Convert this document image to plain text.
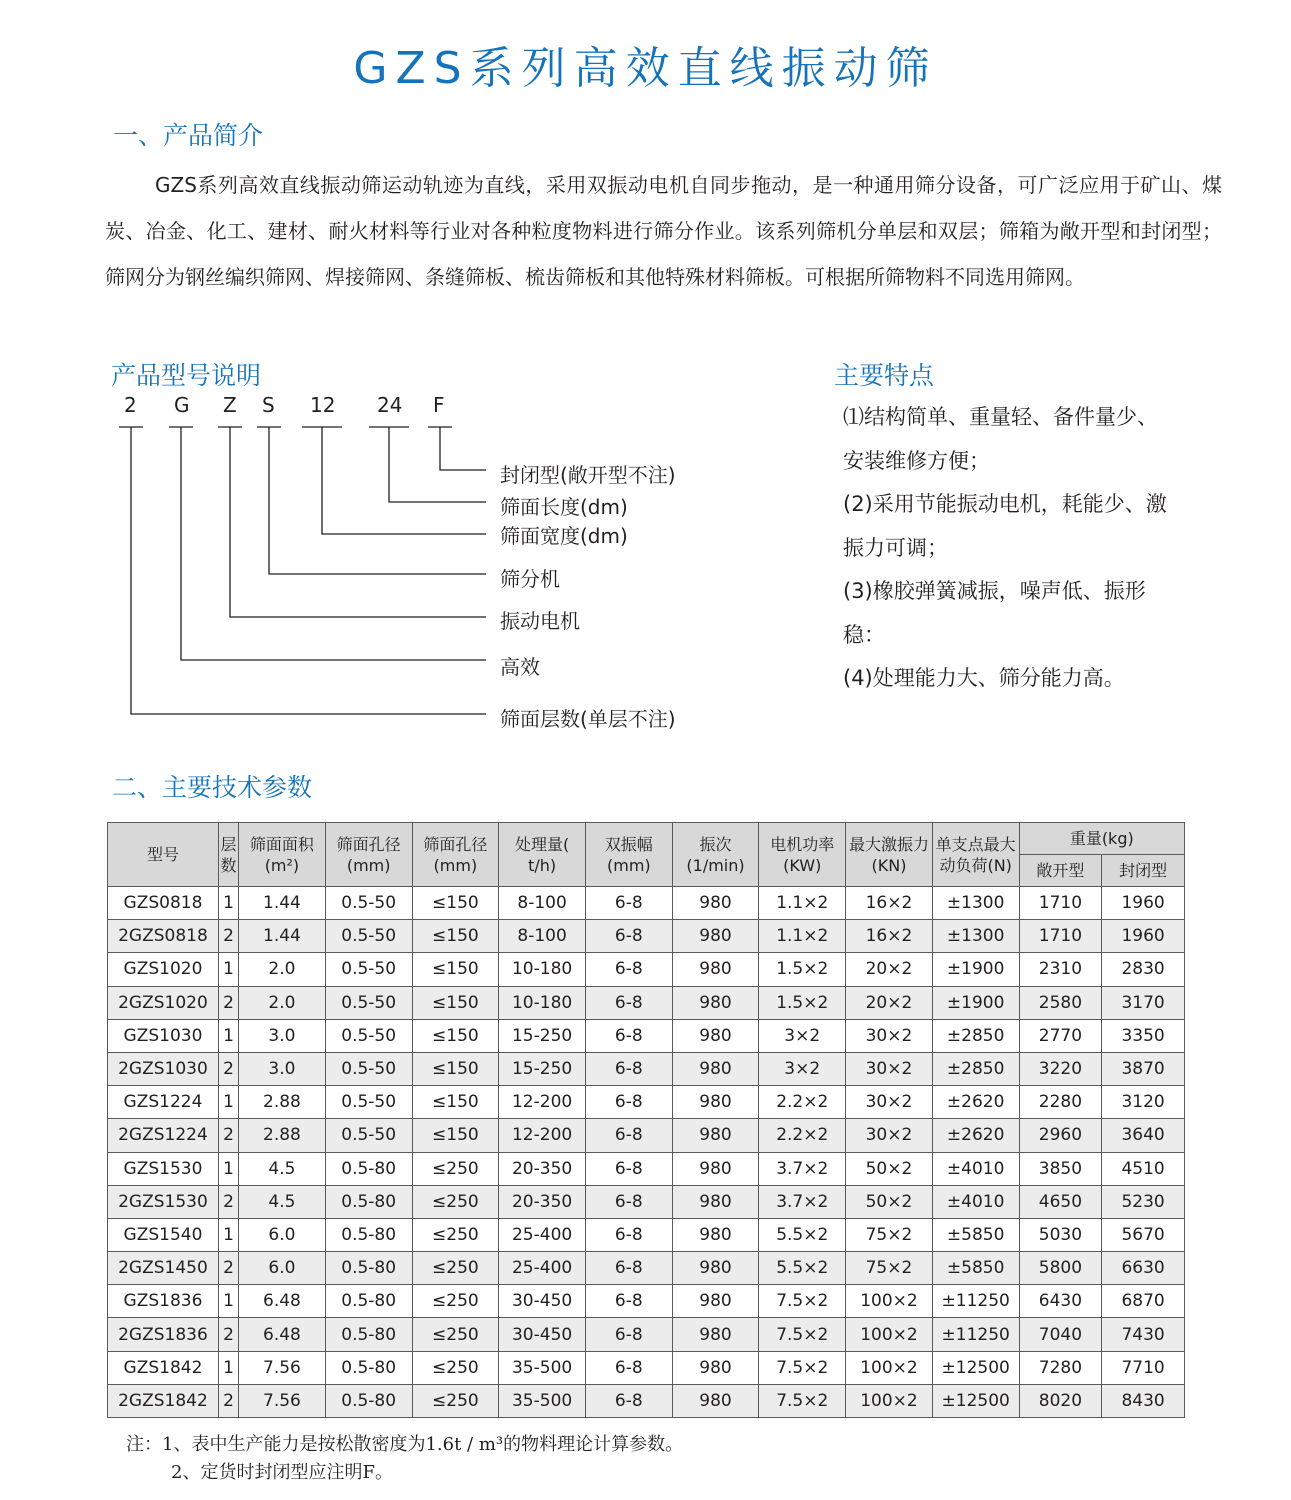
GZS系列高效直线振动筛
一、产品简介

GZS系列高效直线振动筛运动轨迹为直线，采用双振动电机自同步拖动，是一种通用筛分设备，可广泛应用于矿山、煤炭、冶金、化工、建材、耐火材料等行业对各种粒度物料进行筛分作业。该系列筛机分单层和双层；筛箱为敞开型和封闭型；筛网分为钢丝编织筛网、焊接筛网、条缝筛板、梳齿筛板和其他特殊材料筛板。可根据所筛物料不同选用筛网。

产品型号说明
2 G Z S 12 24 F
封闭型(敞开型不注)
筛面长度(dm)
筛面宽度(dm)
筛分机
振动电机
高效
筛面层数(单层不注)
主要特点
⑴结构简单、重量轻、备件量少、
安装维修方便；
(2)采用节能振动电机，耗能少、激
振力可调；
(3)橡胶弹簧减振，噪声低、振形
稳：
(4)处理能力大、筛分能力高。
二、主要技术参数
型号	层数	筛面面积(m²)	筛面孔径(mm)	筛面孔径(mm)	处理量( t/h)	双振幅(mm)	振次(1/min)	电机功率(KW)	最大激振力(KN)	单支点最大动负荷(N)	重量(kg)	
											敞开型	封闭型
GZS0818	1	1.44	0.5-50	≤150	8-100	6-8	980	1.1×2	16×2	±1300	1710	1960
2GZS0818	2	1.44	0.5-50	≤150	8-100	6-8	980	1.1×2	16×2	±1300	1710	1960
GZS1020	1	2.0	0.5-50	≤150	10-180	6-8	980	1.5×2	20×2	±1900	2310	2830
2GZS1020	2	2.0	0.5-50	≤150	10-180	6-8	980	1.5×2	20×2	±1900	2580	3170
GZS1030	1	3.0	0.5-50	≤150	15-250	6-8	980	3×2	30×2	±2850	2770	3350
2GZS1030	2	3.0	0.5-50	≤150	15-250	6-8	980	3×2	30×2	±2850	3220	3870
GZS1224	1	2.88	0.5-50	≤150	12-200	6-8	980	2.2×2	30×2	±2620	2280	3120
2GZS1224	2	2.88	0.5-50	≤150	12-200	6-8	980	2.2×2	30×2	±2620	2960	3640
GZS1530	1	4.5	0.5-80	≤250	20-350	6-8	980	3.7×2	50×2	±4010	3850	4510
2GZS1530	2	4.5	0.5-80	≤250	20-350	6-8	980	3.7×2	50×2	±4010	4650	5230
GZS1540	1	6.0	0.5-80	≤250	25-400	6-8	980	5.5×2	75×2	±5850	5030	5670
2GZS1450	2	6.0	0.5-80	≤250	25-400	6-8	980	5.5×2	75×2	±5850	5800	6630
GZS1836	1	6.48	0.5-80	≤250	30-450	6-8	980	7.5×2	100×2	±11250	6430	6870
2GZS1836	2	6.48	0.5-80	≤250	30-450	6-8	980	7.5×2	100×2	±11250	7040	7430
GZS1842	1	7.56	0.5-80	≤250	35-500	6-8	980	7.5×2	100×2	±12500	7280	7710
2GZS1842	2	7.56	0.5-80	≤250	35-500	6-8	980	7.5×2	100×2	±12500	8020	8430
注：1、表中生产能力是按松散密度为1.6t / m³的物料理论计算参数。
2、定货时封闭型应注明F。
